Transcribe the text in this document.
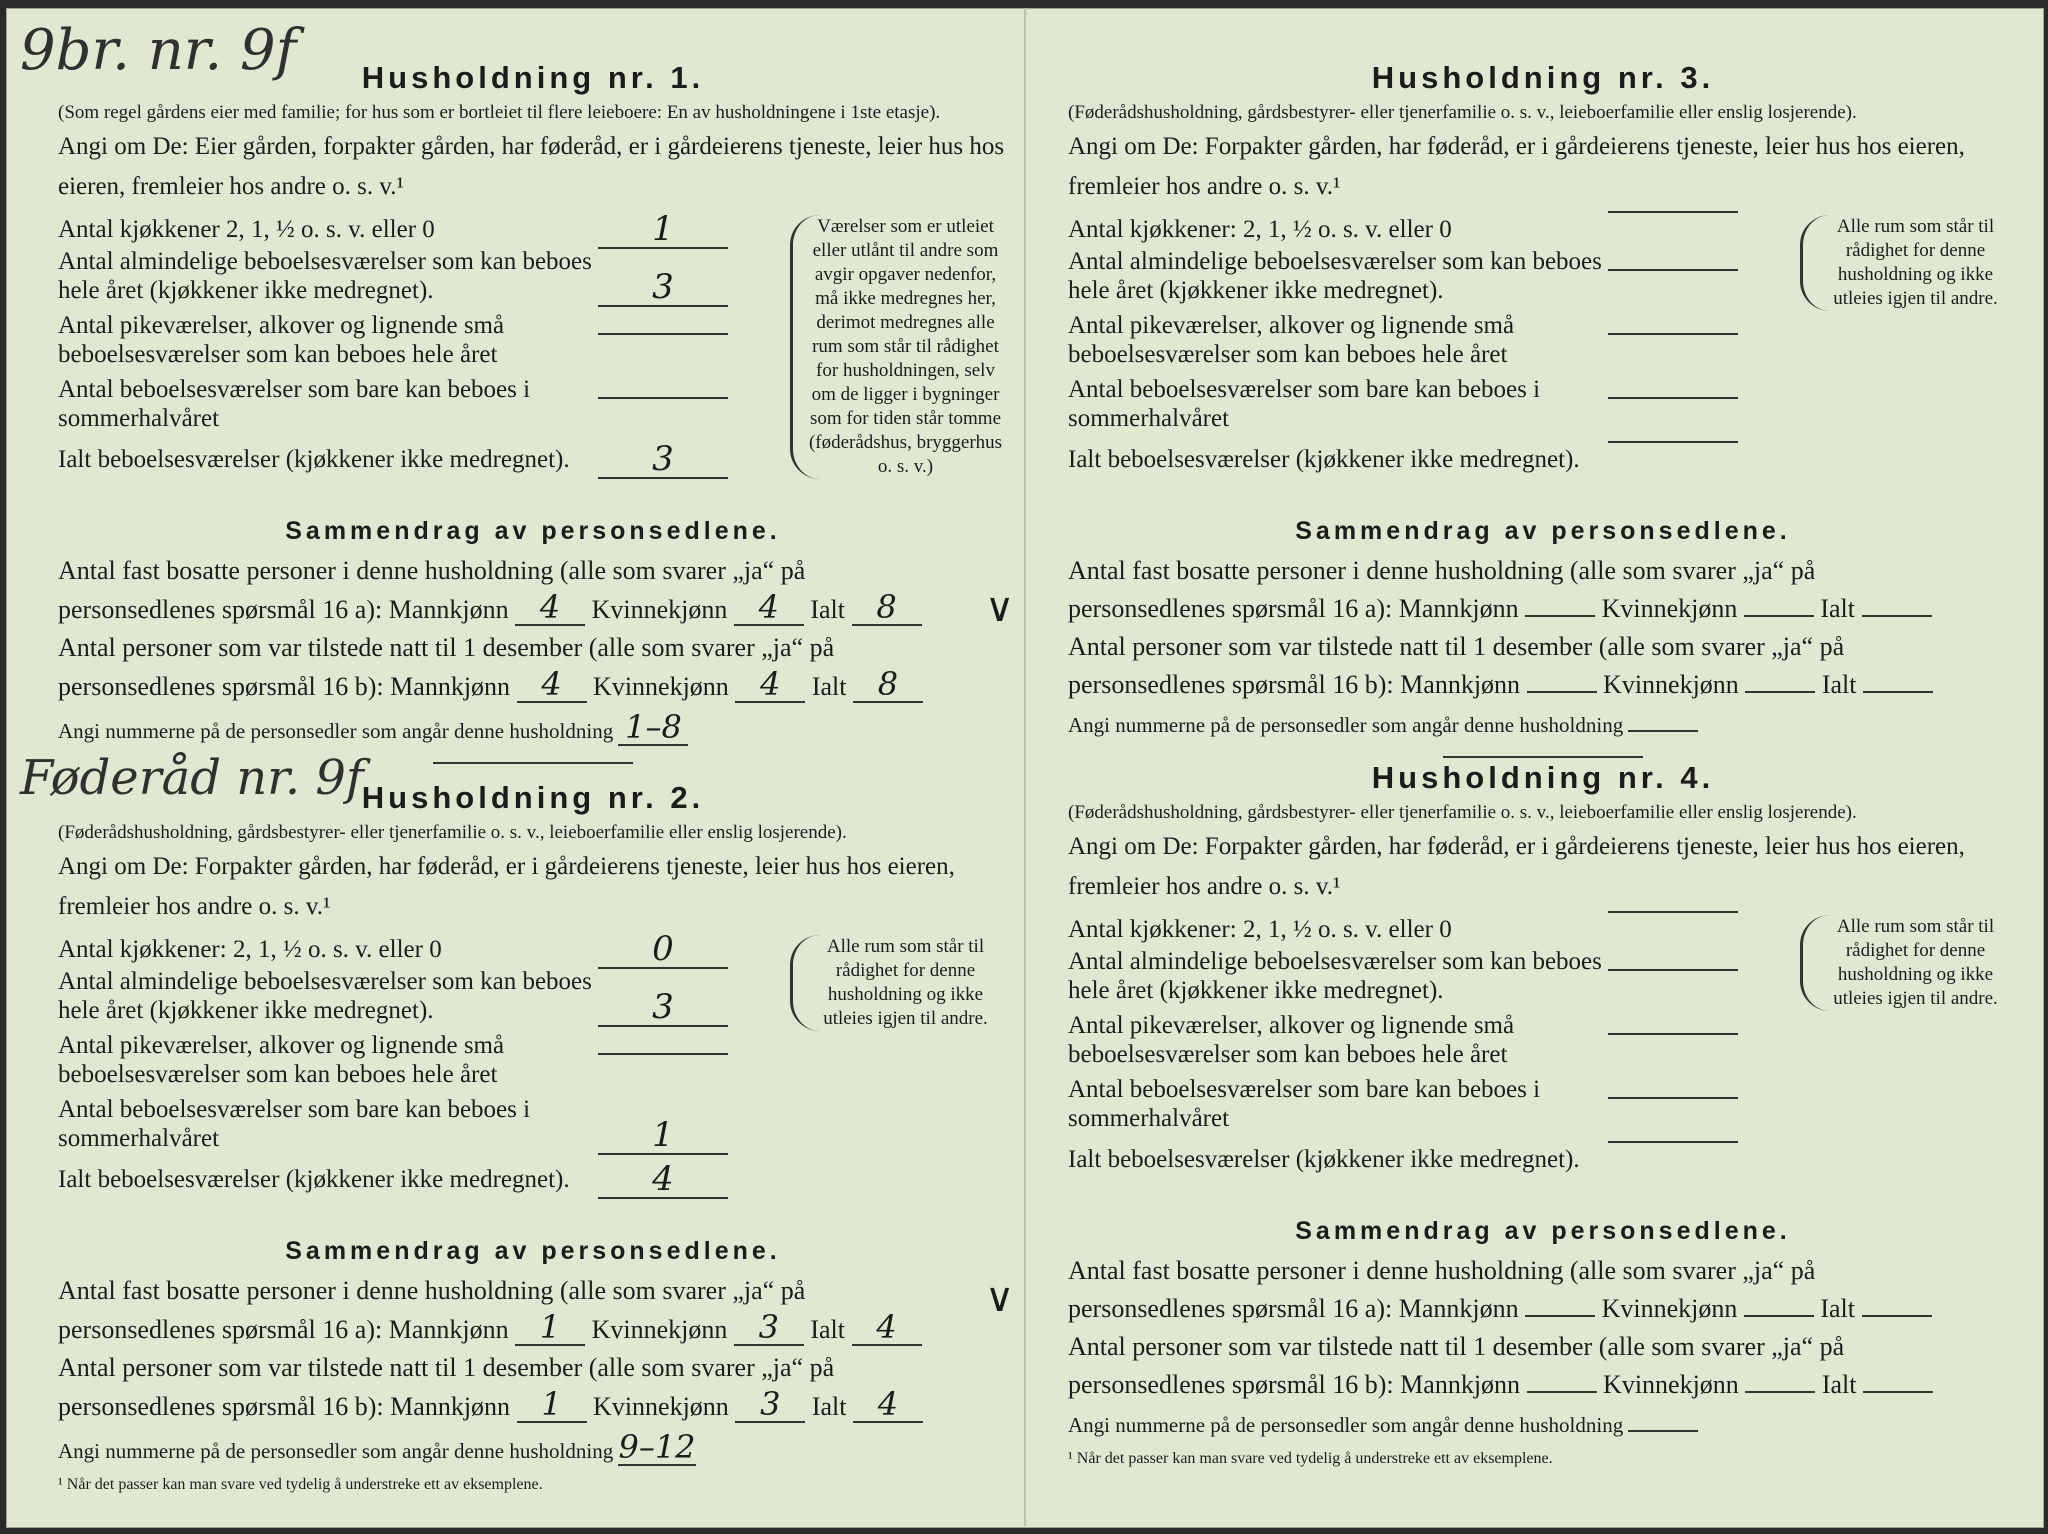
9br. nr. 9f
Føderåd nr. 9f
Husholdning nr. 1.

(Som regel gårdens eier med familie; for hus som er bortleiet til flere leieboere: En av husholdningene i 1ste etasje).

Angi om De: Eier gården, forpakter gården, har føderåd, er i gårdeierens tjeneste, leier hus hos eieren, fremleier hos andre o. s. v.¹

Antal kjøkkener 2, 1, ½ o. s. v. eller 0	1
Antal almindelige beboelsesværelser som kan beboes hele året (kjøkkener ikke medregnet).	3
Antal pikeværelser, alkover og lignende små beboelsesværelser som kan beboes hele året
Antal beboelsesværelser som bare kan beboes i sommerhalvåret
Ialt beboelsesværelser (kjøkkener ikke medregnet).	3
Værelser som er utleiet eller utlånt til andre som avgir opgaver nedenfor, må ikke medregnes her, derimot medregnes alle rum som står til rådighet for husholdningen, selv om de ligger i bygninger som for tiden står tomme (føderådshus, bryggerhus o. s. v.)
Sammendrag av personsedlene.

Antal fast bosatte personer i denne husholdning (alle som svarer „ja“ på

personsedlenes spørsmål 16 a): Mannkjønn 4 Kvinnekjønn 4 Ialt 8

Antal personer som var tilstede natt til 1 desember (alle som svarer „ja“ på

personsedlenes spørsmål 16 b): Mannkjønn 4 Kvinnekjønn 4 Ialt 8

Angi nummerne på de personsedler som angår denne husholdning 1–8

Husholdning nr. 2.

(Føderådshusholdning, gårdsbestyrer- eller tjenerfamilie o. s. v., leieboerfamilie eller enslig losjerende).

Angi om De: Forpakter gården, har føderåd, er i gårdeierens tjeneste, leier hus hos eieren, fremleier hos andre o. s. v.¹

Antal kjøkkener: 2, 1, ½ o. s. v. eller 0	0
Antal almindelige beboelsesværelser som kan beboes hele året (kjøkkener ikke medregnet).	3
Antal pikeværelser, alkover og lignende små beboelsesværelser som kan beboes hele året
Antal beboelsesværelser som bare kan beboes i sommerhalvåret	1
Ialt beboelsesværelser (kjøkkener ikke medregnet).	4
Alle rum som står til rådighet for denne husholdning og ikke utleies igjen til andre.
Sammendrag av personsedlene.

Antal fast bosatte personer i denne husholdning (alle som svarer „ja“ på

personsedlenes spørsmål 16 a): Mannkjønn 1 Kvinnekjønn 3 Ialt 4

Antal personer som var tilstede natt til 1 desember (alle som svarer „ja“ på

personsedlenes spørsmål 16 b): Mannkjønn 1 Kvinnekjønn 3 Ialt 4

Angi nummerne på de personsedler som angår denne husholdning 9–12

¹ Når det passer kan man svare ved tydelig å understreke ett av eksemplene.
Husholdning nr. 3.

(Føderådshusholdning, gårdsbestyrer- eller tjenerfamilie o. s. v., leieboerfamilie eller enslig losjerende).

Angi om De: Forpakter gården, har føderåd, er i gårdeierens tjeneste, leier hus hos eieren, fremleier hos andre o. s. v.¹

Antal kjøkkener: 2, 1, ½ o. s. v. eller 0
Antal almindelige beboelsesværelser som kan beboes hele året (kjøkkener ikke medregnet).
Antal pikeværelser, alkover og lignende små beboelsesværelser som kan beboes hele året
Antal beboelsesværelser som bare kan beboes i sommerhalvåret
Ialt beboelsesværelser (kjøkkener ikke medregnet).
Alle rum som står til rådighet for denne husholdning og ikke utleies igjen til andre.
Sammendrag av personsedlene.

Antal fast bosatte personer i denne husholdning (alle som svarer „ja“ på

personsedlenes spørsmål 16 a): Mannkjønn	Kvinnekjønn	Ialt

Antal personer som var tilstede natt til 1 desember (alle som svarer „ja“ på

personsedlenes spørsmål 16 b): Mannkjønn	Kvinnekjønn	Ialt

Angi nummerne på de personsedler som angår denne husholdning

Husholdning nr. 4.

(Føderådshusholdning, gårdsbestyrer- eller tjenerfamilie o. s. v., leieboerfamilie eller enslig losjerende).

Angi om De: Forpakter gården, har føderåd, er i gårdeierens tjeneste, leier hus hos eieren, fremleier hos andre o. s. v.¹

Antal kjøkkener: 2, 1, ½ o. s. v. eller 0
Antal almindelige beboelsesværelser som kan beboes hele året (kjøkkener ikke medregnet).
Antal pikeværelser, alkover og lignende små beboelsesværelser som kan beboes hele året
Antal beboelsesværelser som bare kan beboes i sommerhalvåret
Ialt beboelsesværelser (kjøkkener ikke medregnet).
Alle rum som står til rådighet for denne husholdning og ikke utleies igjen til andre.
Sammendrag av personsedlene.

Antal fast bosatte personer i denne husholdning (alle som svarer „ja“ på

personsedlenes spørsmål 16 a): Mannkjønn	Kvinnekjønn	Ialt

Antal personer som var tilstede natt til 1 desember (alle som svarer „ja“ på

personsedlenes spørsmål 16 b): Mannkjønn	Kvinnekjønn	Ialt

Angi nummerne på de personsedler som angår denne husholdning

¹ Når det passer kan man svare ved tydelig å understreke ett av eksemplene.
∨
∨
